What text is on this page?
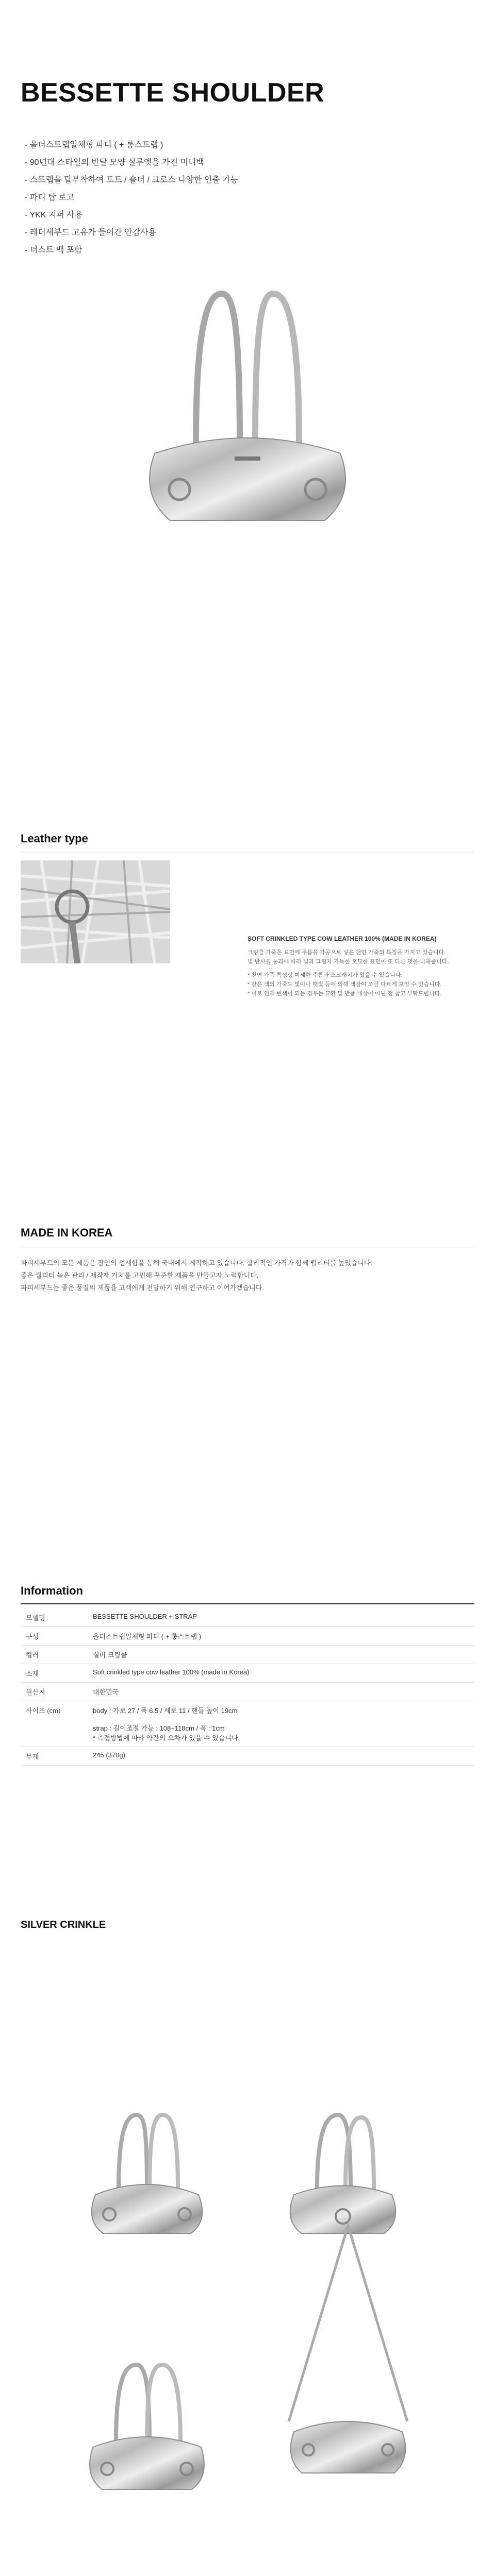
BESSETTE SHOULDER
- 올더스트랩일체형 파디 ( + 롱스트랩 )
- 90년대 스타일의 반달 모양 실루엣을 가진 미니백
- 스트랩을 탈부착하여 토트 / 숄더 / 크로스 다양한 연출 가능
- 파디 탑 로고
- YKK 지퍼 사용
- 레더세부드 고유가 들어간 안감사용
- 더스트 백 포함
Leather type
SOFT CRINKLED TYPE COW LEATHER 100% (MADE IN KOREA)
크링클 가죽은 표면에 주름을 가공으로 넣은 천연 가죽의 특징을 가지고 있습니다.
빛 반사율 통과에 따라 빛과 그림자 가득한 오묘한 표면이 또 다른 멋을 더해줍니다.
* 천연 가죽 특성상 미세한 주름과 스크래치가 있을 수 있습니다.
* 같은 색의 가죽도 빛이나 햇빛 등에 의해 색감이 조금 다르게 보일 수 있습니다.
* 이로 인해 변색이 되는 경우는 교환 및 반품 대상이 아닌 점 참고 부탁드립니다.
MADE IN KOREA
파피세부드의 모든 제품은 장인의 섬세함을 통해 국내에서 제작하고 있습니다. 합리적인 가격과 함께 퀄리티를 높였습니다.
좋은 퀄리티 높은 관리 / 제작자 가치를 고민해 꾸준한 제품을 만들고자 노력합니다.
파피세부드는 좋은 품질의 제품을 고객에게 전달하기 위해 연구하고 이어가겠습니다.
Information
모델명	BESSETTE SHOULDER + STRAP
구성	올더스트랩일체형 파디 ( + 롱스트랩 )
컬러	실버 크링클
소재	Soft crinkled type cow leather 100% (made in Korea)
원산지	대한민국
사이즈 (cm)	body : 가로 27 / 폭 6.5 / 세로 11 / 핸들 높이 19cm

strap : 길이조절 가능 : 108~118cm / 폭 : 1cm
* 측정방법에 따라 약간의 오차가 있을 수 있습니다.
무게	245 (370g)
SILVER CRINKLE
